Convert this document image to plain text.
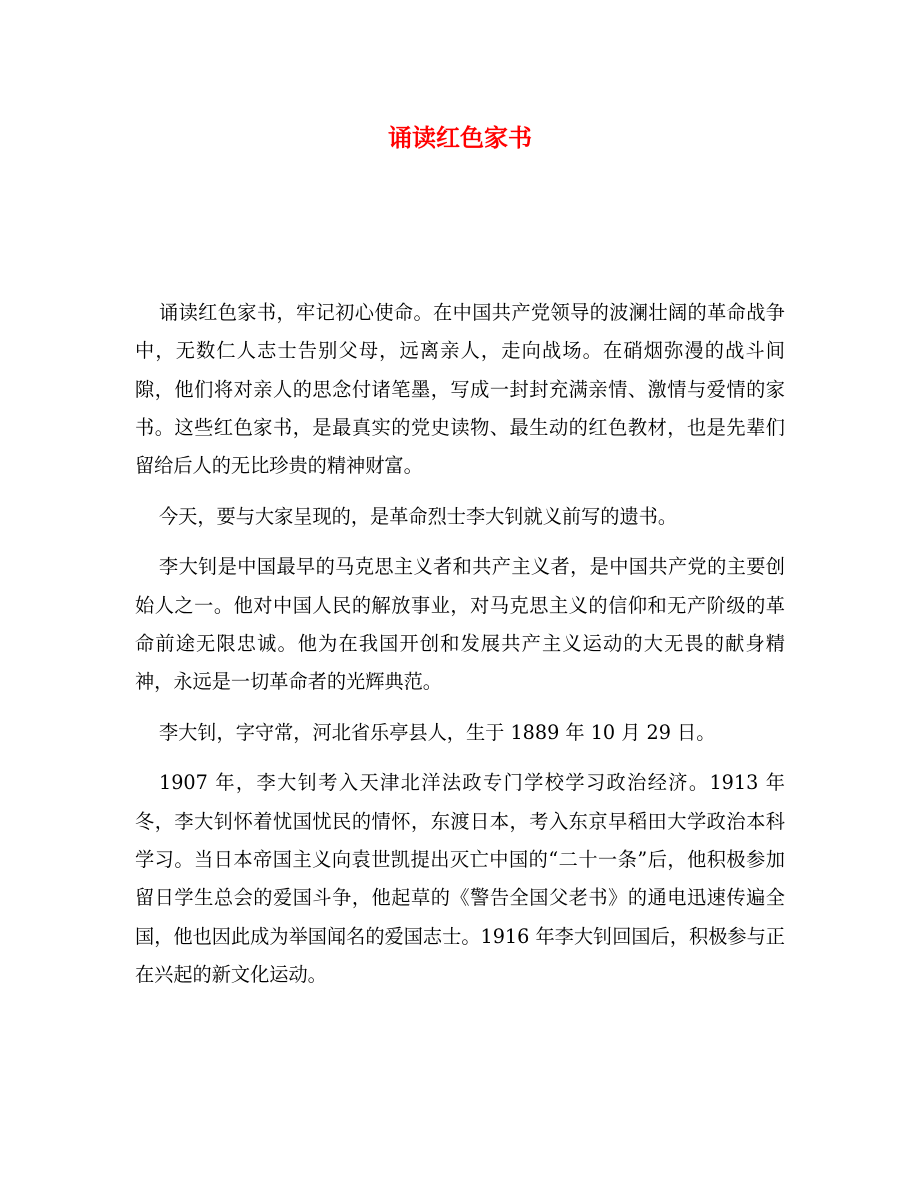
诵读红色家书

诵读红色家书，牢记初心使命。在中国共产党领导的波澜壮阔的革命战争中，无数仁人志士告别父母，远离亲人，走向战场。在硝烟弥漫的战斗间隙，他们将对亲人的思念付诸笔墨，写成一封封充满亲情、激情与爱情的家书。这些红色家书，是最真实的党史读物、最生动的红色教材，也是先辈们留给后人的无比珍贵的精神财富。

今天，要与大家呈现的，是革命烈士李大钊就义前写的遗书。

李大钊是中国最早的马克思主义者和共产主义者，是中国共产党的主要创始人之一。他对中国人民的解放事业，对马克思主义的信仰和无产阶级的革命前途无限忠诚。他为在我国开创和发展共产主义运动的大无畏的献身精神，永远是一切革命者的光辉典范。

李大钊，字守常，河北省乐亭县人，生于 1889 年 10 月 29 日。

1907 年，李大钊考入天津北洋法政专门学校学习政治经济。1913 年冬，李大钊怀着忧国忧民的情怀，东渡日本，考入东京早稻田大学政治本科学习。当日本帝国主义向袁世凯提出灭亡中国的“二十一条”后，他积极参加留日学生总会的爱国斗争，他起草的《警告全国父老书》的通电迅速传遍全国，他也因此成为举国闻名的爱国志士。1916 年李大钊回国后，积极参与正在兴起的新文化运动。
